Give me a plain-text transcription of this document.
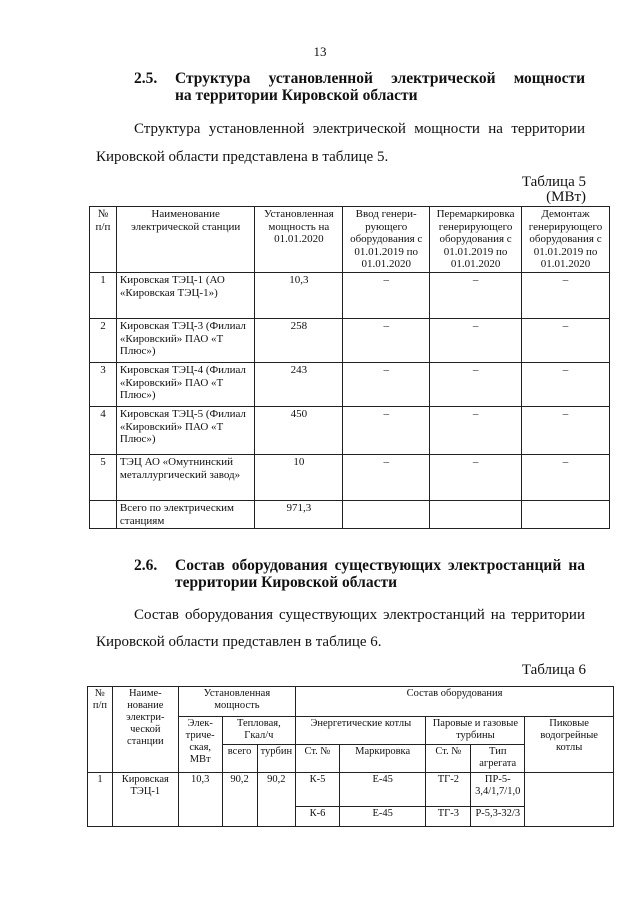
13
2.5. Структура установленной электрической мощности
на территории Кировской области
Структура установленной электрической мощности на территории
Кировской области представлена в таблице 5.
Таблица 5
(МВт)
№ п/п	Наименование электрической станции	Установленная мощность на 01.01.2020	Ввод генери-рующего оборудования с 01.01.2019 по 01.01.2020	Перемаркировка генерирующего оборудования с 01.01.2019 по 01.01.2020	Демонтаж генерирующего оборудования с 01.01.2019 по 01.01.2020
1	Кировская ТЭЦ-1 (АО «Кировская ТЭЦ-1»)	10,3	–	–	–
2	Кировская ТЭЦ-3 (Филиал «Кировский» ПАО «Т Плюс»)	258	–	–	–
3	Кировская ТЭЦ-4 (Филиал «Кировский» ПАО «Т Плюс»)	243	–	–	–
4	Кировская ТЭЦ-5 (Филиал «Кировский» ПАО «Т Плюс»)	450	–	–	–
5	ТЭЦ АО «Омутнинский металлургический завод»	10	–	–	–
	Всего по электрическим станциям	971,3			
2.6. Состав оборудования существующих электростанций на
территории Кировской области
Состав оборудования существующих электростанций на территории
Кировской области представлен в таблице 6.
Таблица 6
№ п/п	Наиме-нование электри-ческой станции	Установленная мощность			Состав оборудования				
		Элек-триче-ская, МВт	Тепловая, Гкал/ч		Энергетические котлы		Паровые и газовые турбины		Пиковые водогрейные котлы
			всего	турбин	Ст. №	Маркировка	Ст. №	Тип агрегата	
1	Кировская ТЭЦ-1	10,3	90,2	90,2	К-5	Е-45	ТГ-2	ПР-5-3,4/1,7/1,0	
					К-6	Е-45	ТГ-3	Р-5,3-32/3	
